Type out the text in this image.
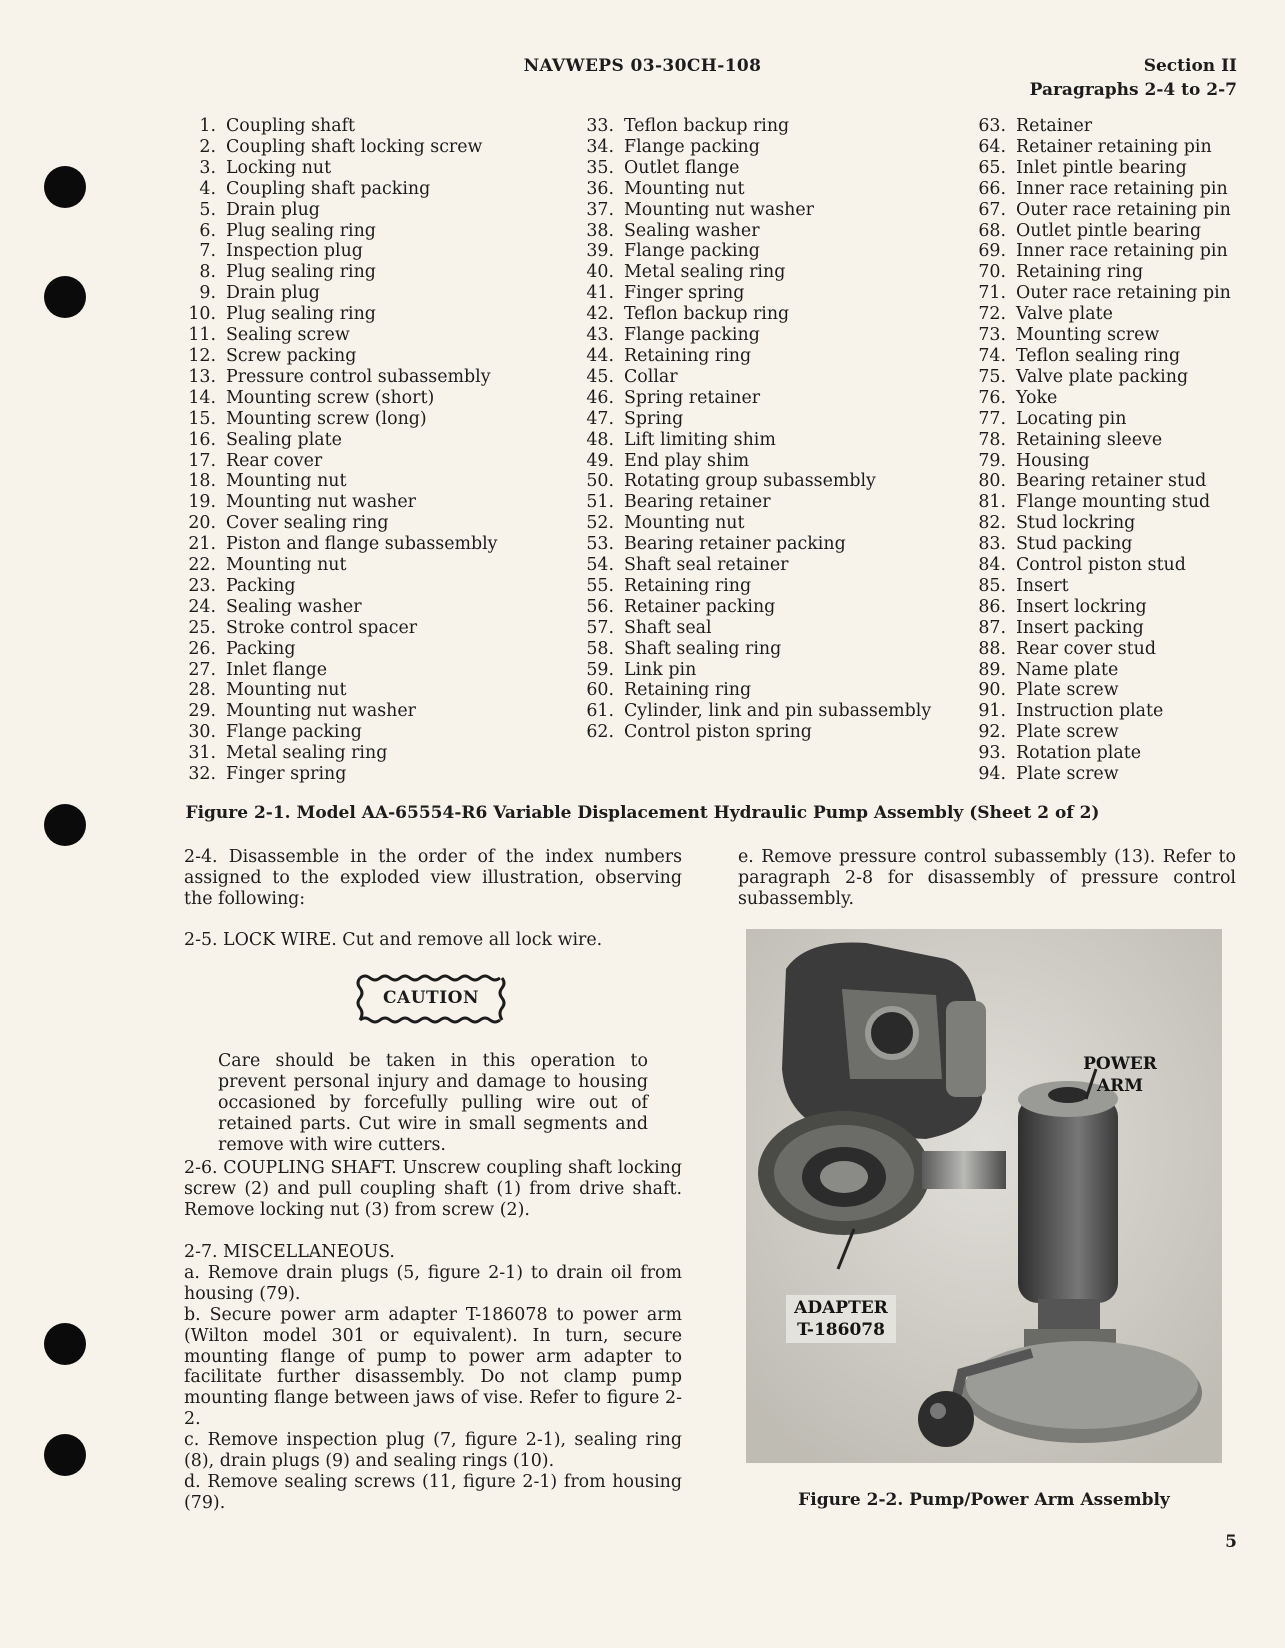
NAVWEPS 03-30CH-108	Section II
Paragraphs 2-4 to 2-7
1. Coupling shaft
2. Coupling shaft locking screw
3. Locking nut
4. Coupling shaft packing
5. Drain plug
6. Plug sealing ring
7. Inspection plug
8. Plug sealing ring
9. Drain plug
10. Plug sealing ring
11. Sealing screw
12. Screw packing
13. Pressure control subassembly
14. Mounting screw (short)
15. Mounting screw (long)
16. Sealing plate
17. Rear cover
18. Mounting nut
19. Mounting nut washer
20. Cover sealing ring
21. Piston and flange subassembly
22. Mounting nut
23. Packing
24. Sealing washer
25. Stroke control spacer
26. Packing
27. Inlet flange
28. Mounting nut
29. Mounting nut washer
30. Flange packing
31. Metal sealing ring
32. Finger spring
33. Teflon backup ring
34. Flange packing
35. Outlet flange
36. Mounting nut
37. Mounting nut washer
38. Sealing washer
39. Flange packing
40. Metal sealing ring
41. Finger spring
42. Teflon backup ring
43. Flange packing
44. Retaining ring
45. Collar
46. Spring retainer
47. Spring
48. Lift limiting shim
49. End play shim
50. Rotating group subassembly
51. Bearing retainer
52. Mounting nut
53. Bearing retainer packing
54. Shaft seal retainer
55. Retaining ring
56. Retainer packing
57. Shaft seal
58. Shaft sealing ring
59. Link pin
60. Retaining ring
61. Cylinder, link and pin subassembly
62. Control piston spring
63. Retainer
64. Retainer retaining pin
65. Inlet pintle bearing
66. Inner race retaining pin
67. Outer race retaining pin
68. Outlet pintle bearing
69. Inner race retaining pin
70. Retaining ring
71. Outer race retaining pin
72. Valve plate
73. Mounting screw
74. Teflon sealing ring
75. Valve plate packing
76. Yoke
77. Locating pin
78. Retaining sleeve
79. Housing
80. Bearing retainer stud
81. Flange mounting stud
82. Stud lockring
83. Stud packing
84. Control piston stud
85. Insert
86. Insert lockring
87. Insert packing
88. Rear cover stud
89. Name plate
90. Plate screw
91. Instruction plate
92. Plate screw
93. Rotation plate
94. Plate screw
Figure 2-1. Model AA-65554-R6 Variable Displacement Hydraulic Pump Assembly (Sheet 2 of 2)

2-4. Disassemble in the order of the index numbers assigned to the exploded view illustration, observing the following:

2-5. LOCK WIRE. Cut and remove all lock wire.

CAUTION

Care should be taken in this operation to prevent personal injury and damage to housing occasioned by forcefully pulling wire out of retained parts. Cut wire in small segments and remove with wire cutters.

2-6. COUPLING SHAFT. Unscrew coupling shaft locking screw (2) and pull coupling shaft (1) from drive shaft. Remove locking nut (3) from screw (2).

2-7. MISCELLANEOUS.

a. Remove drain plugs (5, figure 2-1) to drain oil from housing (79).

b. Secure power arm adapter T-186078 to power arm (Wilton model 301 or equivalent). In turn, secure mounting flange of pump to power arm adapter to facilitate further disassembly. Do not clamp pump mounting flange between jaws of vise. Refer to figure 2-2.

c. Remove inspection plug (7, figure 2-1), sealing ring (8), drain plugs (9) and sealing rings (10).

d. Remove sealing screws (11, figure 2-1) from housing (79).

e. Remove pressure control subassembly (13). Refer to paragraph 2-8 for disassembly of pressure control subassembly.

POWER
ARM
ADAPTER
T-186078
Figure 2-2. Pump/Power Arm Assembly
5
